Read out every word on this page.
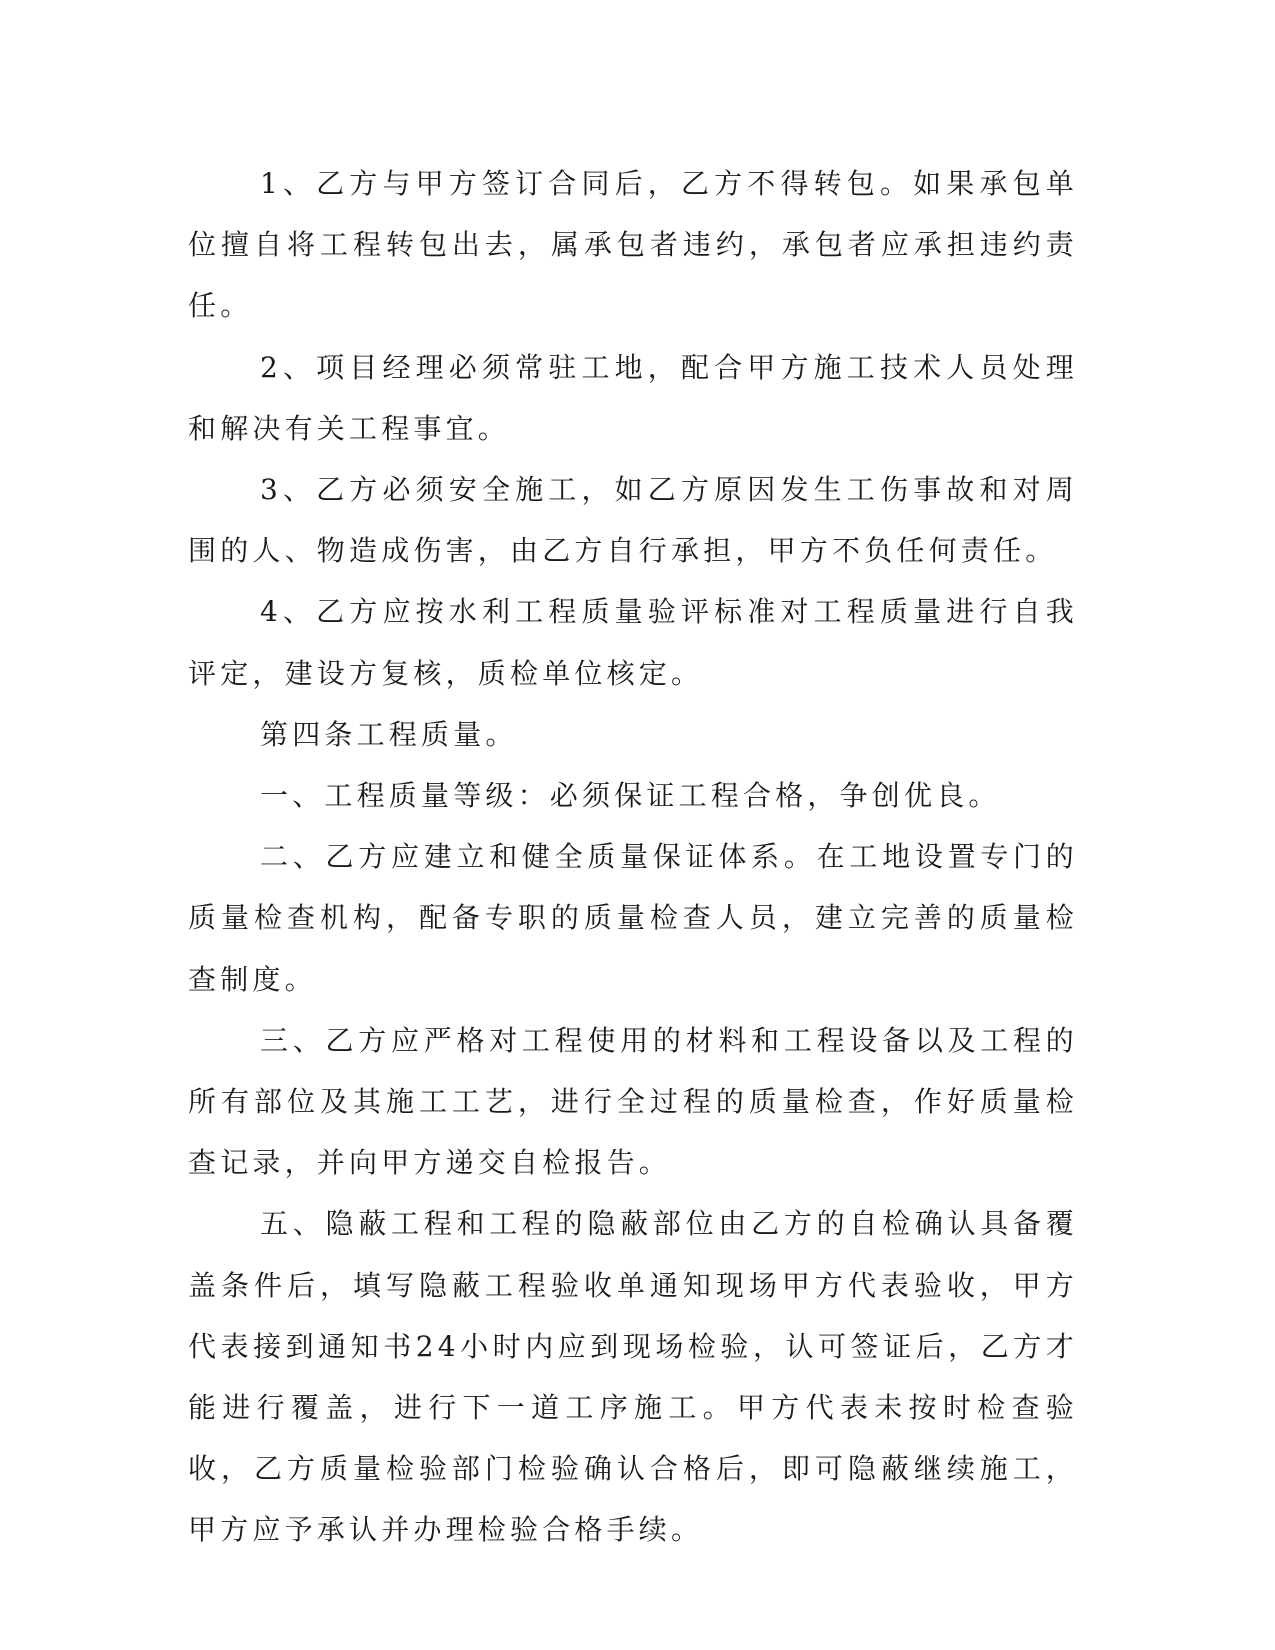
1、乙方与甲方签订合同后，乙方不得转包。如果承包单位擅自将工程转包出去，属承包者违约，承包者应承担违约责任。

2、项目经理必须常驻工地，配合甲方施工技术人员处理和解决有关工程事宜。

3、乙方必须安全施工，如乙方原因发生工伤事故和对周围的人、物造成伤害，由乙方自行承担，甲方不负任何责任。

4、乙方应按水利工程质量验评标准对工程质量进行自我评定，建设方复核，质检单位核定。

第四条工程质量。

一、工程质量等级：必须保证工程合格，争创优良。

二、乙方应建立和健全质量保证体系。在工地设置专门的质量检查机构，配备专职的质量检查人员，建立完善的质量检查制度。

三、乙方应严格对工程使用的材料和工程设备以及工程的所有部位及其施工工艺，进行全过程的质量检查，作好质量检查记录，并向甲方递交自检报告。

五、隐蔽工程和工程的隐蔽部位由乙方的自检确认具备覆盖条件后，填写隐蔽工程验收单通知现场甲方代表验收，甲方代表接到通知书24小时内应到现场检验，认可签证后，乙方才能进行覆盖，进行下一道工序施工。甲方代表未按时检查验收，乙方质量检验部门检验确认合格后，即可隐蔽继续施工，甲方应予承认并办理检验合格手续。
